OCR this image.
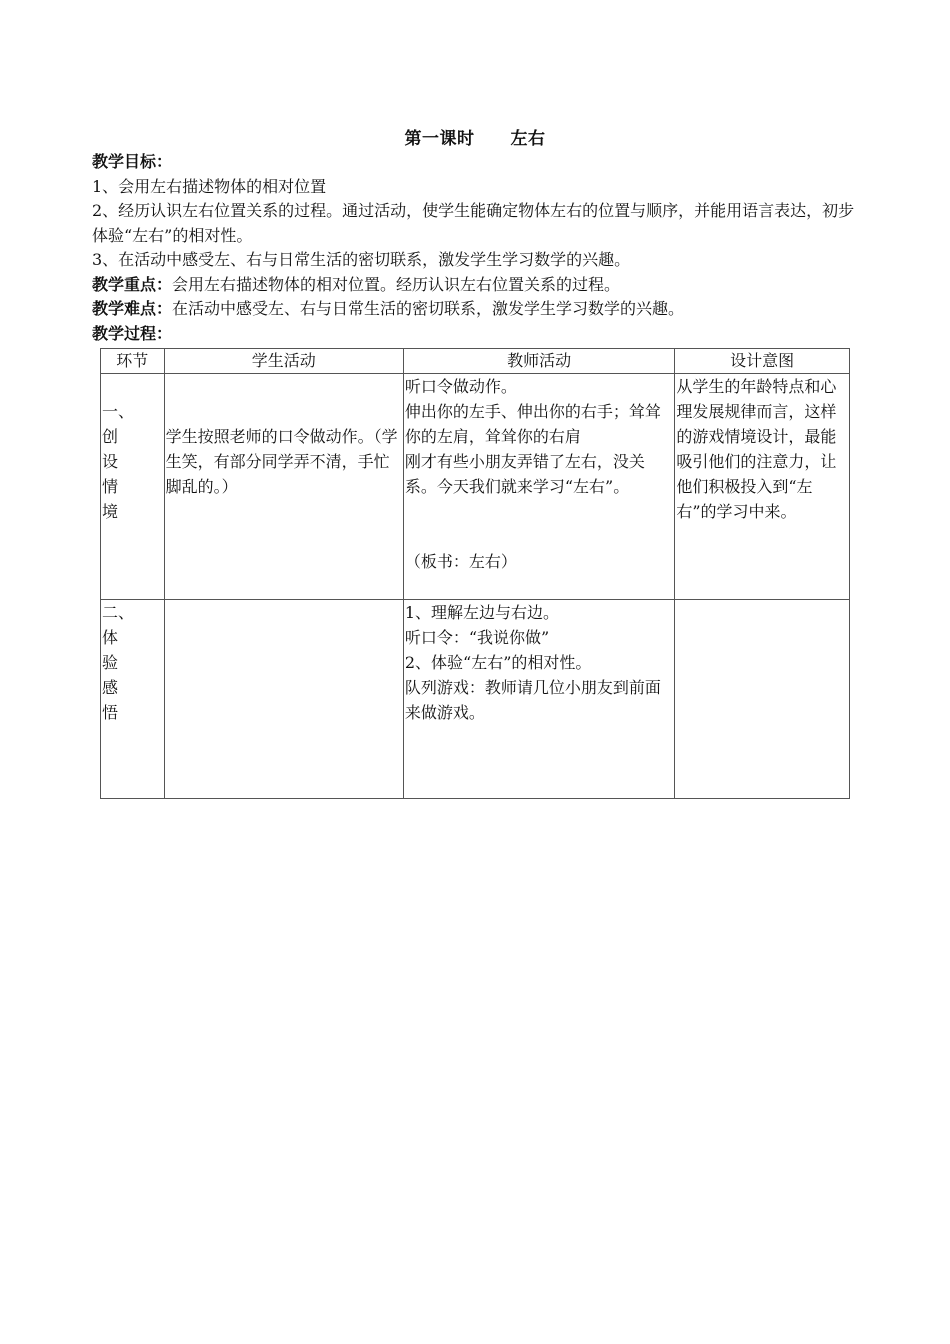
第一课时 左右

教学目标：

1、会用左右描述物体的相对位置

2、经历认识左右位置关系的过程。通过活动，使学生能确定物体左右的位置与顺序，并能用语言表达，初步体验“左右”的相对性。

3、在活动中感受左、右与日常生活的密切联系，激发学生学习数学的兴趣。

教学重点：会用左右描述物体的相对位置。经历认识左右位置关系的过程。

教学难点：在活动中感受左、右与日常生活的密切联系，激发学生学习数学的兴趣。

教学过程：

环节	学生活动	教师活动	设计意图

一、
创
设
情
境	学生按照老师的口令做动作。（学生笑，有部分同学弄不清，手忙脚乱的。）	听口令做动作。
伸出你的左手、伸出你的右手；耸耸你的左肩，耸耸你的右肩
刚才有些小朋友弄错了左右，没关系。今天我们就来学习“左右”。
（板书：左右）	从学生的年龄特点和心理发展规律而言，这样的游戏情境设计，最能吸引他们的注意力，让他们积极投入到“左右”的学习中来。

二、
体
验
感
悟		1、理解左边与右边。
听口令：“我说你做”
2、体验“左右”的相对性。
队列游戏：教师请几位小朋友到前面来做游戏。	
